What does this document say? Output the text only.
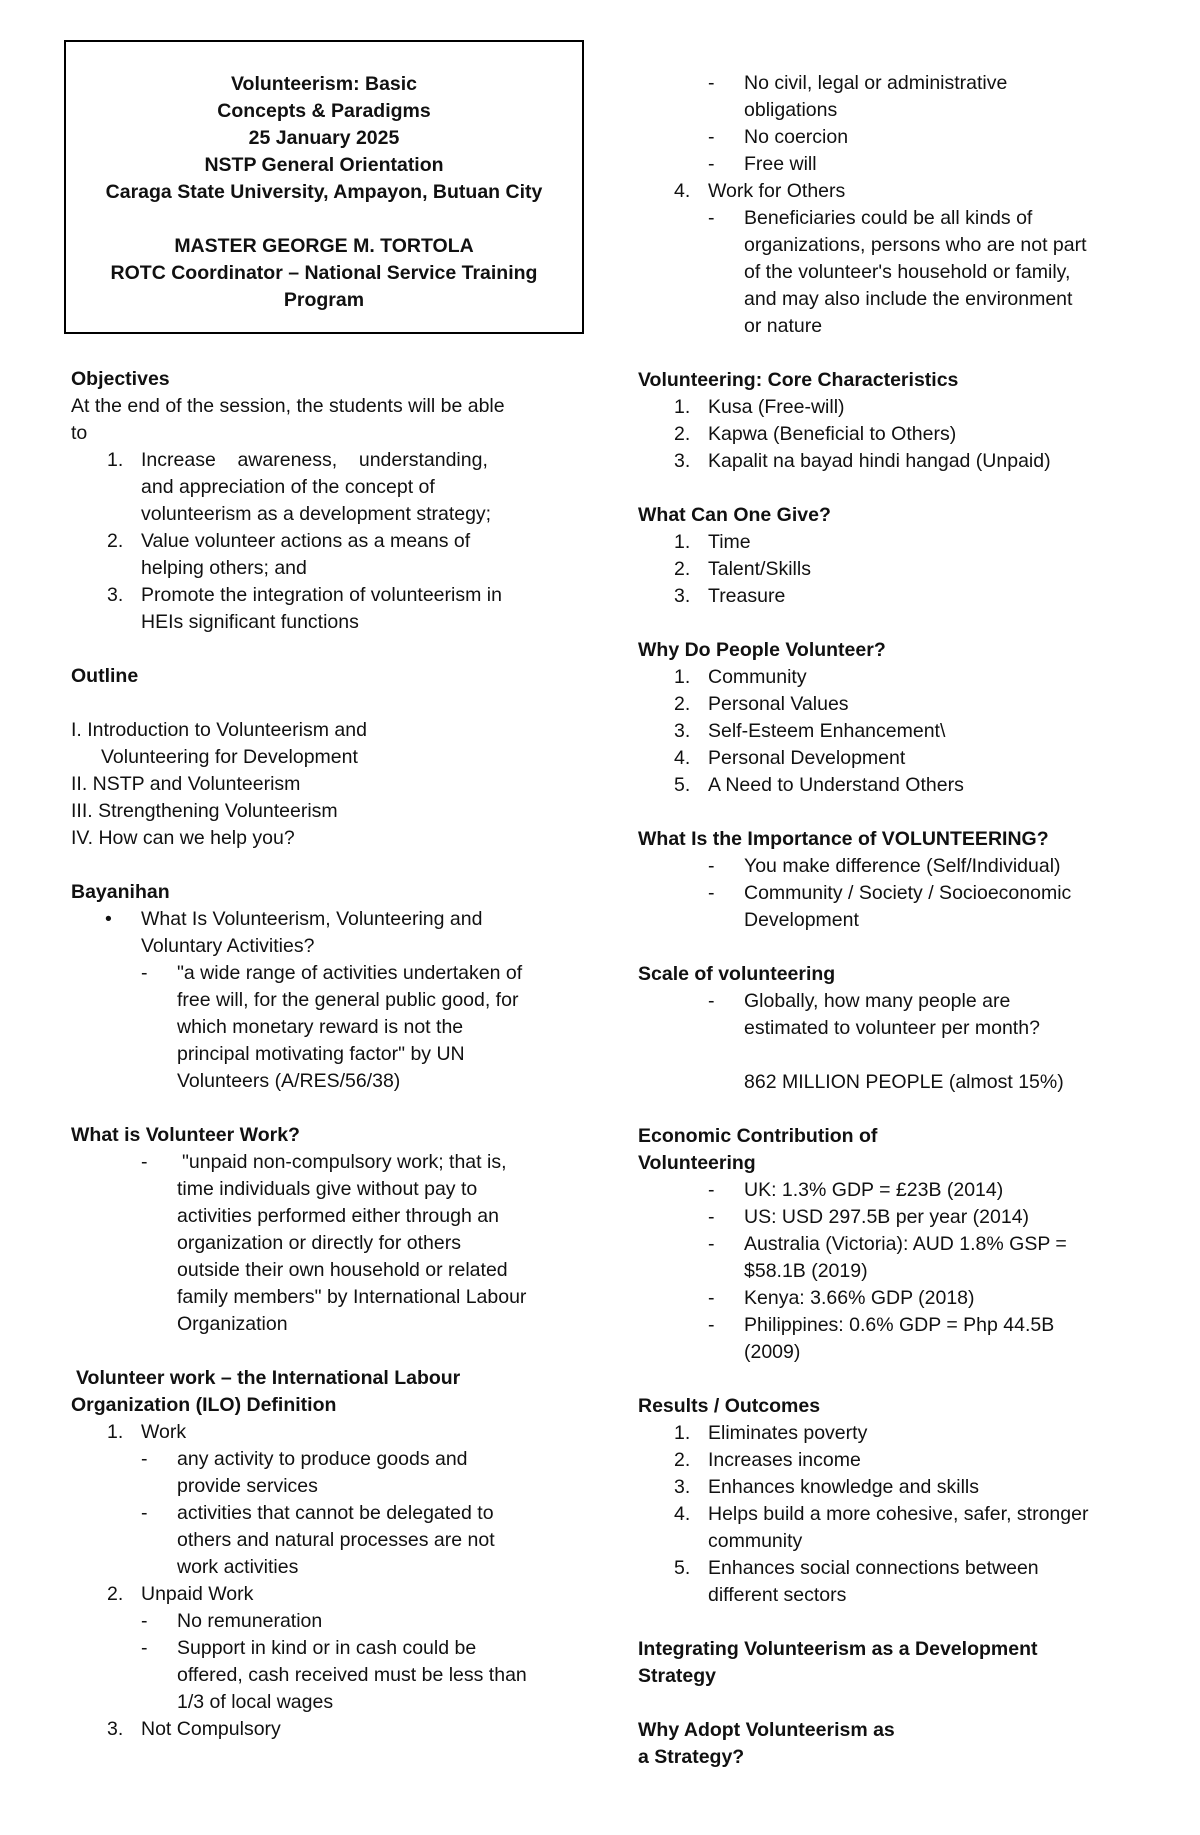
Volunteerism: Basic
Concepts & Paradigms
25 January 2025
NSTP General Orientation
Caraga State University, Ampayon, Butuan City
MASTER GEORGE M. TORTOLA
ROTC Coordinator – National Service Training
Program
Objectives
At the end of the session, the students will be able
to
1. Increase    awareness,    understanding,
and appreciation of the concept of
volunteerism as a development strategy;
2. Value volunteer actions as a means of
helping others; and
3. Promote the integration of volunteerism in
HEIs significant functions
Outline
I. Introduction to Volunteerism and
Volunteering for Development
II. NSTP and Volunteerism
III. Strengthening Volunteerism
IV. How can we help you?
Bayanihan
• What Is Volunteerism, Volunteering and
Voluntary Activities?
- "a wide range of activities undertaken of
free will, for the general public good, for
which monetary reward is not the
principal motivating factor" by UN
Volunteers (A/RES/56/38)
What is Volunteer Work?
- "unpaid non-compulsory work; that is,
time individuals give without pay to
activities performed either through an
organization or directly for others
outside their own household or related
family members" by International Labour
Organization
Volunteer work – the International Labour
Organization (ILO) Definition
1. Work
- any activity to produce goods and
provide services
- activities that cannot be delegated to
others and natural processes are not
work activities
2. Unpaid Work
- No remuneration
- Support in kind or in cash could be
offered, cash received must be less than
1/3 of local wages
3. Not Compulsory
- No civil, legal or administrative
obligations
- No coercion
- Free will
4. Work for Others
- Beneficiaries could be all kinds of
organizations, persons who are not part
of the volunteer's household or family,
and may also include the environment
or nature
Volunteering: Core Characteristics
1. Kusa (Free-will)
2. Kapwa (Beneficial to Others)
3. Kapalit na bayad hindi hangad (Unpaid)
What Can One Give?
1. Time
2. Talent/Skills
3. Treasure
Why Do People Volunteer?
1. Community
2. Personal Values
3. Self-Esteem Enhancement\
4. Personal Development
5. A Need to Understand Others
What Is the Importance of VOLUNTEERING?
- You make difference (Self/Individual)
- Community / Society / Socioeconomic
Development
Scale of volunteering
- Globally, how many people are
estimated to volunteer per month?
862 MILLION PEOPLE (almost 15%)
Economic Contribution of
Volunteering
- UK: 1.3% GDP = £23B (2014)
- US: USD 297.5B per year (2014)
- Australia (Victoria): AUD 1.8% GSP =
$58.1B (2019)
- Kenya: 3.66% GDP (2018)
- Philippines: 0.6% GDP = Php 44.5B
(2009)
Results / Outcomes
1. Eliminates poverty
2. Increases income
3. Enhances knowledge and skills
4. Helps build a more cohesive, safer, stronger
community
5. Enhances social connections between
different sectors
Integrating Volunteerism as a Development
Strategy
Why Adopt Volunteerism as
a Strategy?
